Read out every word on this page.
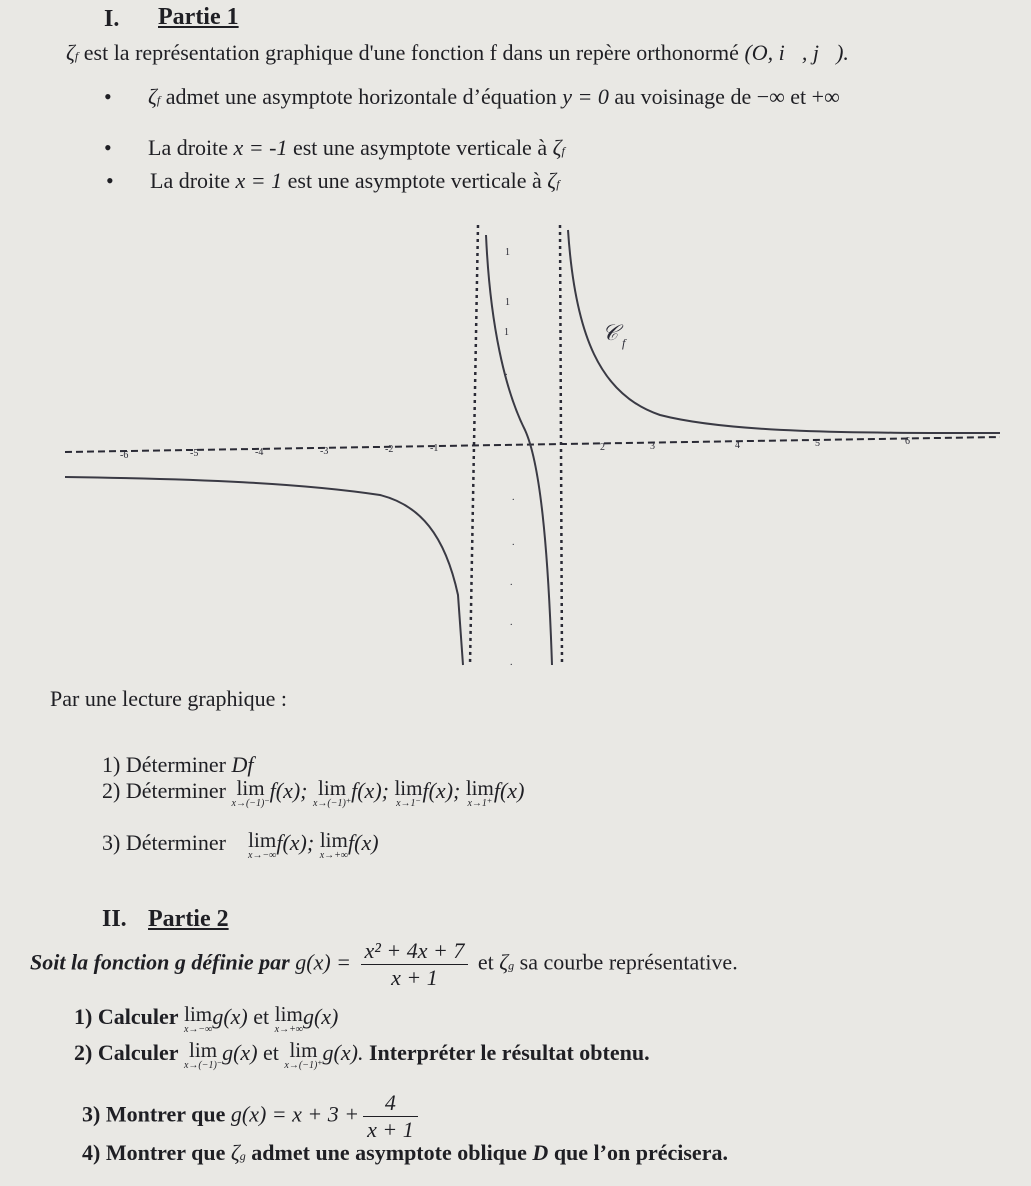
I. Partie 1
ζf est la représentation graphique d'une fonction f dans un repère orthonormé (O, i⃗, j⃗).
• ζf admet une asymptote horizontale d’équation y = 0 au voisinage de −∞ et +∞
• La droite x = -1 est une asymptote verticale à ζf
• La droite x = 1 est une asymptote verticale à ζf
1
1
1
.
.
.
.
.
.
-6	-5	-4	-3	-2	-1	2	3	4	5	6
𝒞 f
Par une lecture graphique :
1) Déterminer Df
2) Déterminer lim
x→(−1)⁻
f(x); lim
x→(−1)⁺
f(x); lim
x→1⁻
f(x); lim
x→1⁺
f(x)
3) Déterminer lim
x→−∞
f(x); lim
x→+∞
f(x)
II. Partie 2
Soit la fonction g définie par $g(x) = \frac{\text{x² + 4x + 7}}{x + 1}$ et ζg sa courbe représentative.
1) Calculer lim
x→−∞
g(x) et lim
x→+∞
g(x)
2) Calculer lim
x→(−1)⁻
g(x) et lim
x→(−1)⁺
g(x). Interpréter le résultat obtenu.
3) Montrer que $g(x) = x + 3 + \frac{4}{x + 1}$
4) Montrer que ζg admet une asymptote oblique D que l’on précisera.
